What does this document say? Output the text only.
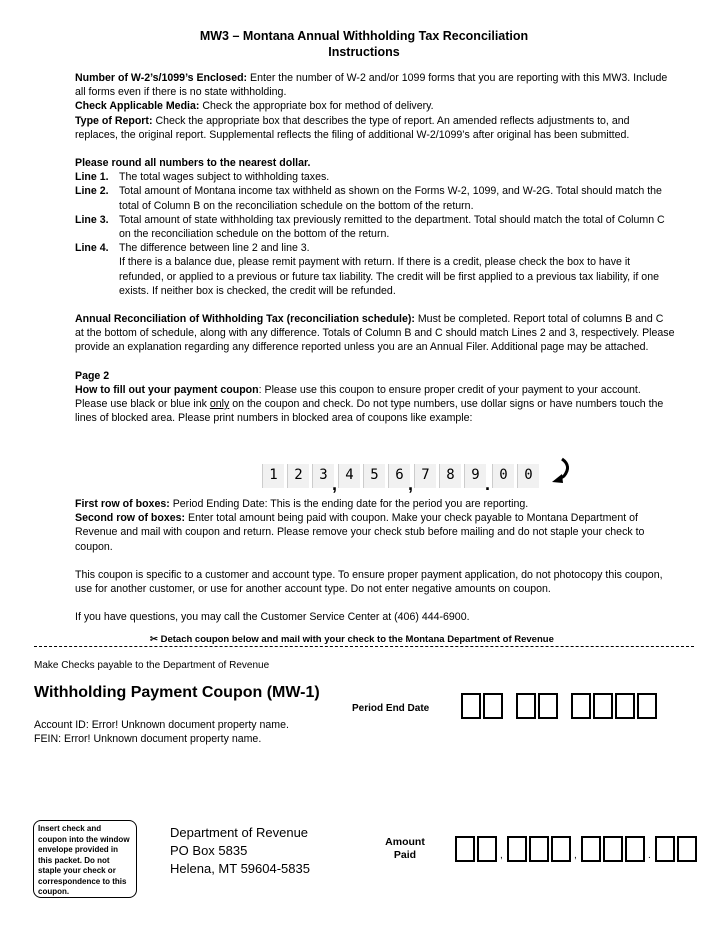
MW3 – Montana Annual Withholding Tax Reconciliation
Instructions

Number of W-2’s/1099’s Enclosed: Enter the number of W-2 and/or 1099 forms that you are reporting with this MW3. Include all forms even if there is no state withholding.

Check Applicable Media: Check the appropriate box for method of delivery.

Type of Report: Check the appropriate box that describes the type of report. An amended reflects adjustments to, and replaces, the original report. Supplemental reflects the filing of additional W-2/1099’s after original has been submitted.

Please round all numbers to the nearest dollar.

Line 1. The total wages subject to withholding taxes.

Line 2. Total amount of Montana income tax withheld as shown on the Forms W-2, 1099, and W-2G. Total should match the total of Column B on the reconciliation schedule on the bottom of the return.

Line 3. Total amount of state withholding tax previously remitted to the department. Total should match the total of Column C on the reconciliation schedule on the bottom of the return.

Line 4. The difference between line 2 and line 3.

If there is a balance due, please remit payment with return. If there is a credit, please check the box to have it refunded, or applied to a previous or future tax liability. The credit will be first applied to a previous tax liability, if one exists. If neither box is checked, the credit will be refunded.

Annual Reconciliation of Withholding Tax (reconciliation schedule): Must be completed. Report total of columns B and C at the bottom of schedule, along with any difference. Totals of Column B and C should match Lines 2 and 3, respectively. Please provide an explanation regarding any difference reported unless you are an Annual Filer. Additional page may be attached.

Page 2

How to fill out your payment coupon: Please use this coupon to ensure proper credit of your payment to your account.

Please use black or blue ink only on the coupon and check. Do not type numbers, use dollar signs or have numbers touch the lines of blocked area. Please print numbers in blocked area of coupons like example:

1	2	3 , 4	5	6 , 7	8	9 . 0	0

First row of boxes: Period Ending Date: This is the ending date for the period you are reporting.

Second row of boxes: Enter total amount being paid with coupon. Make your check payable to Montana Department of Revenue and mail with coupon and return. Please remove your check stub before mailing and do not staple your check to coupon.

This coupon is specific to a customer and account type. To ensure proper payment application, do not photocopy this coupon, use for another customer, or use for another account type. Do not enter negative amounts on coupon.

If you have questions, you may call the Customer Service Center at (406) 444-6900.

✂ Detach coupon below and mail with your check to the Montana Department of Revenue
Make Checks payable to the Department of Revenue
Withholding Payment Coupon (MW-1)
Period End Date
Account ID: Error! Unknown document property name.
FEIN: Error! Unknown document property name.
Insert check and coupon into the window envelope provided in this packet. Do not staple your check or correspondence to this coupon.
Department of Revenue
PO Box 5835
Helena, MT 59604-5835
Amount
Paid	,	,	.
